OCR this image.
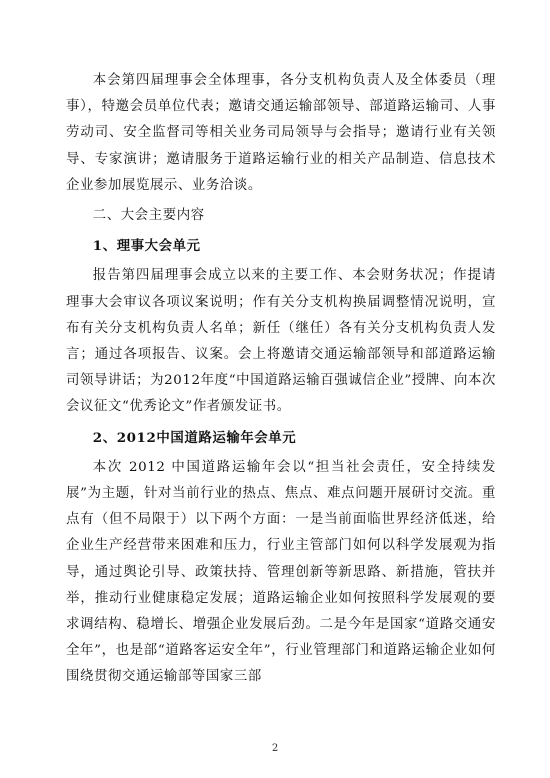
本会第四届理事会全体理事，各分支机构负责人及全体委员（理事），特邀会员单位代表；邀请交通运输部领导、部道路运输司、人事劳动司、安全监督司等相关业务司局领导与会指导；邀请行业有关领导、专家演讲；邀请服务于道路运输行业的相关产品制造、信息技术企业参加展览展示、业务洽谈。

二、大会主要内容

1、理事大会单元

报告第四届理事会成立以来的主要工作、本会财务状况；作提请理事大会审议各项议案说明；作有关分支机构换届调整情况说明，宣布有关分支机构负责人名单；新任（继任）各有关分支机构负责人发言；通过各项报告、议案。会上将邀请交通运输部领导和部道路运输司领导讲话；为2012年度“中国道路运输百强诚信企业”授牌、向本次会议征文“优秀论文”作者颁发证书。

2、2012中国道路运输年会单元

本次 2012 中国道路运输年会以“担当社会责任，安全持续发展”为主题，针对当前行业的热点、焦点、难点问题开展研讨交流。重点有（但不局限于）以下两个方面：一是当前面临世界经济低迷，给企业生产经营带来困难和压力，行业主管部门如何以科学发展观为指导，通过舆论引导、政策扶持、管理创新等新思路、新措施，管扶并举，推动行业健康稳定发展；道路运输企业如何按照科学发展观的要求调结构、稳增长、增强企业发展后劲。二是今年是国家“道路交通安全年”，也是部“道路客运安全年”，行业管理部门和道路运输企业如何围绕贯彻交通运输部等国家三部

2
